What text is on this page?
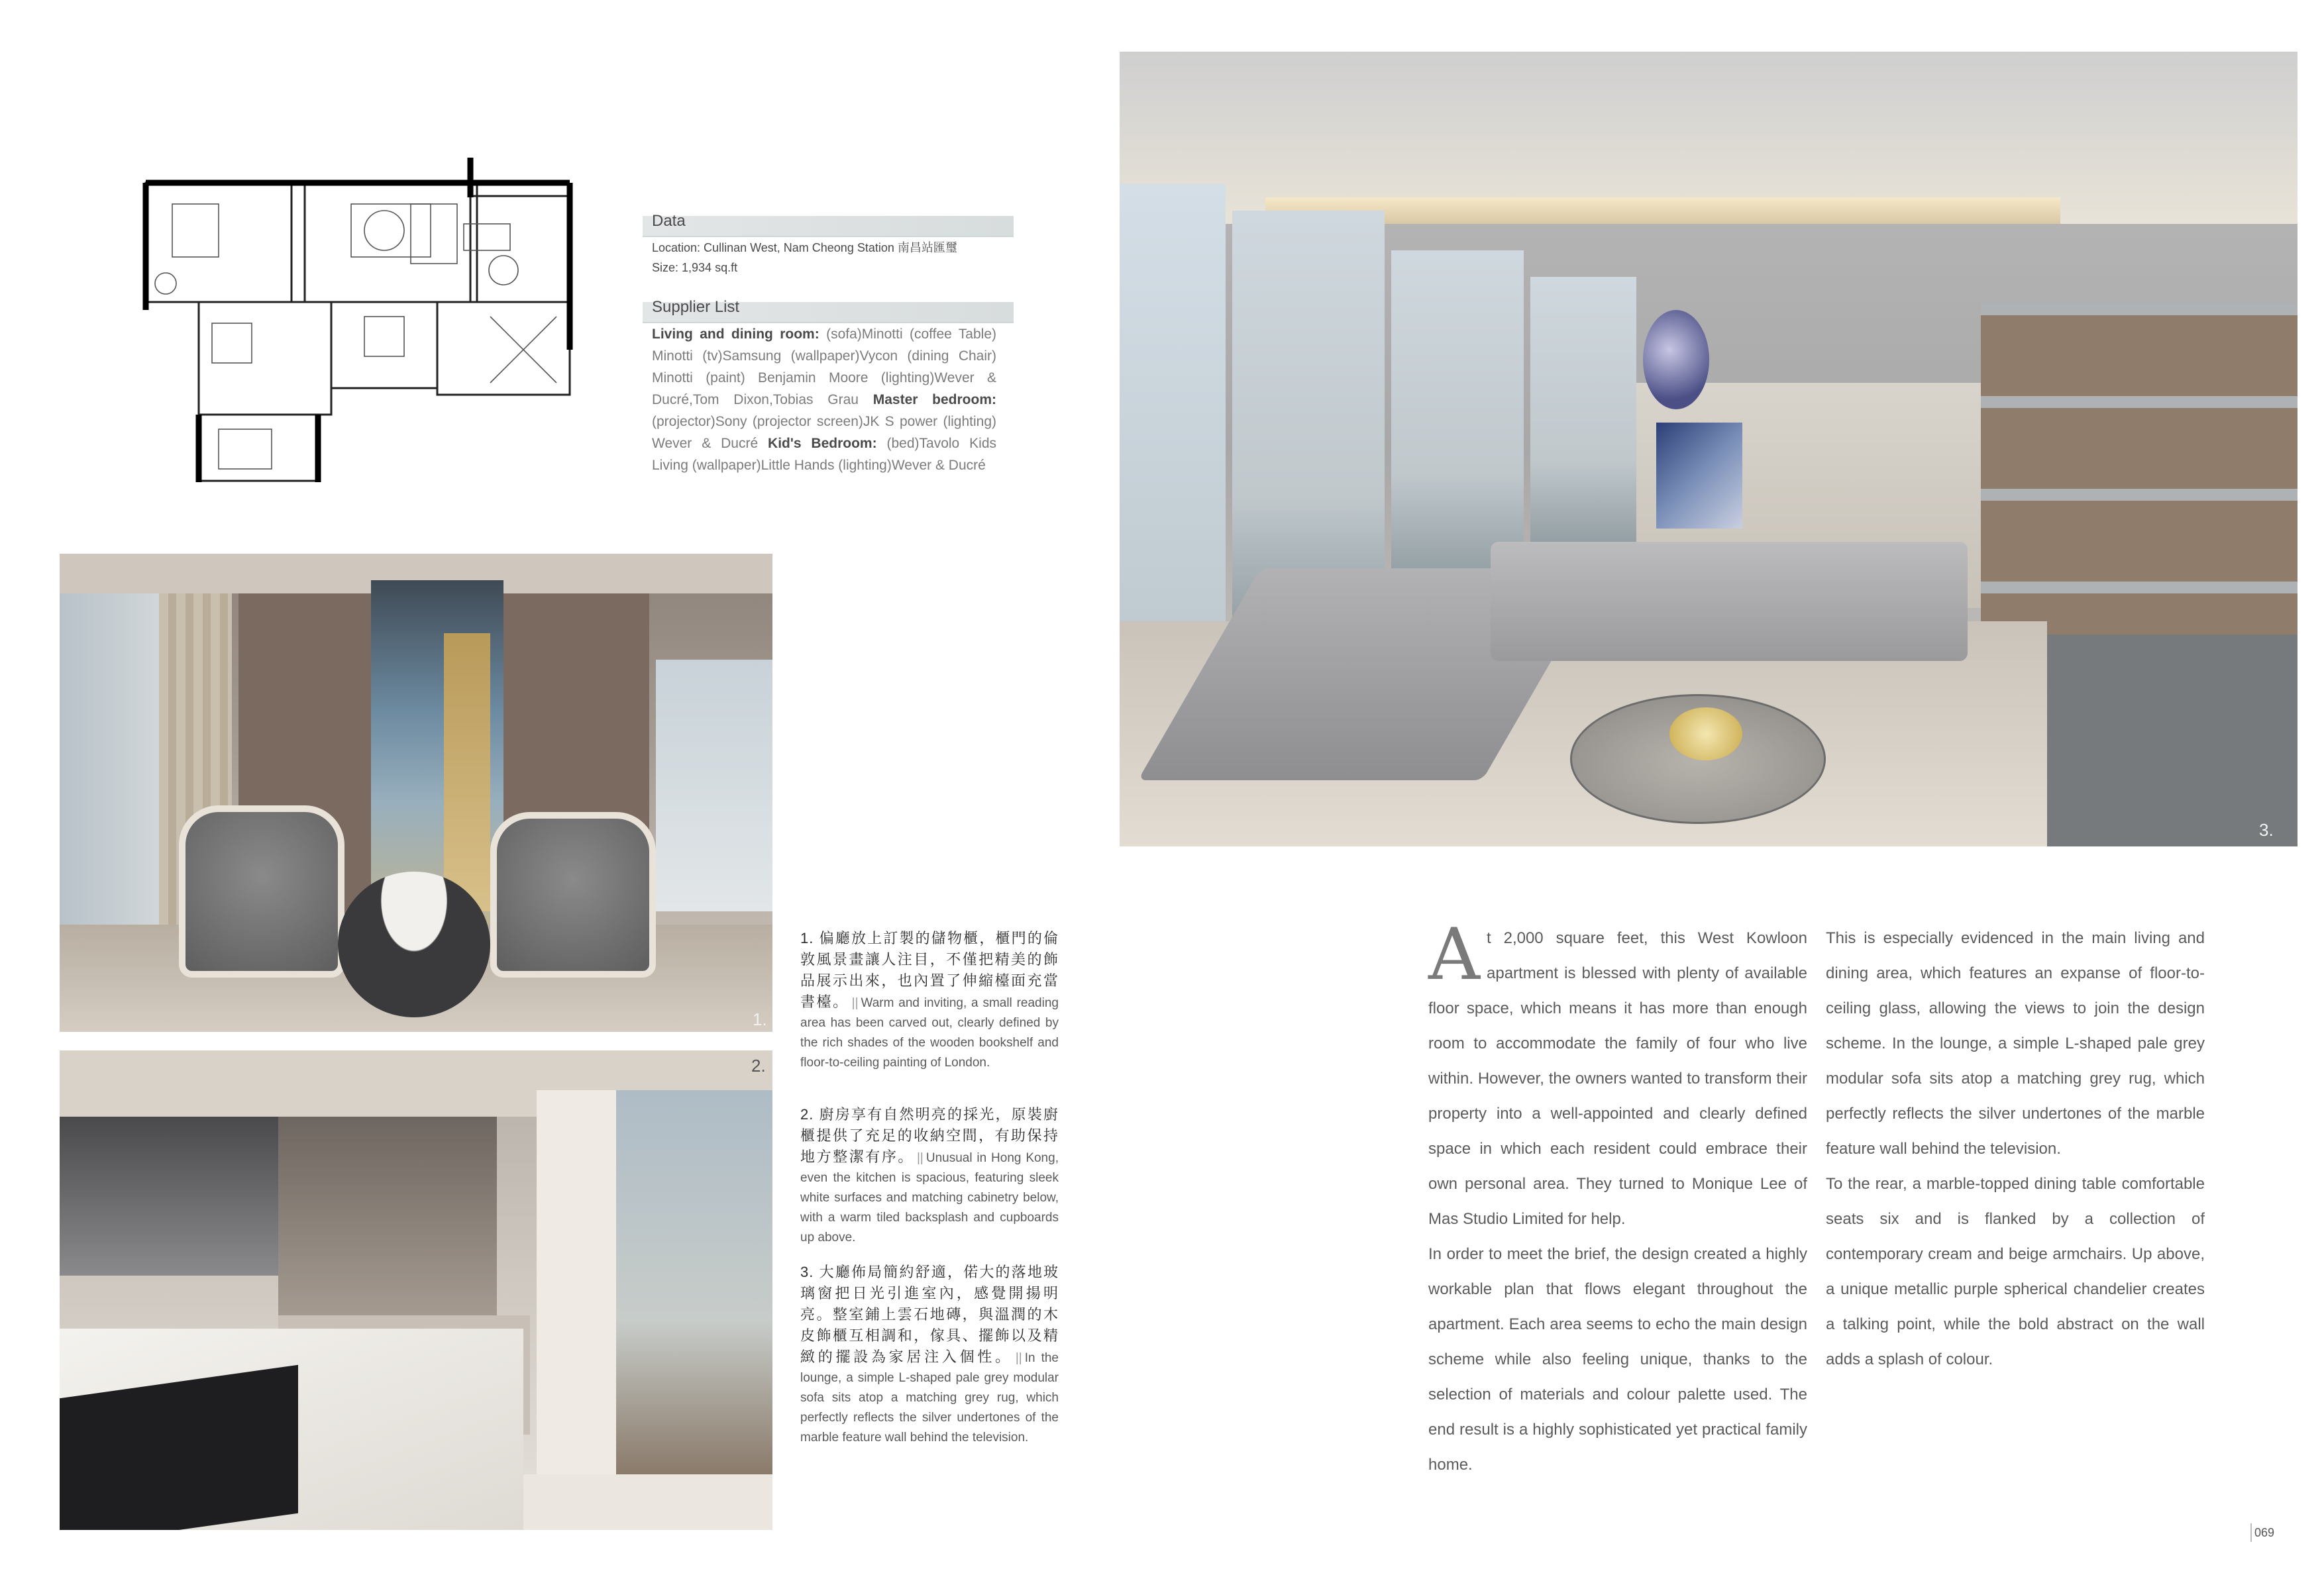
Data
Location: Cullinan West, Nam Cheong Station 南昌站匯璽
Size: 1,934 sq.ft
Supplier List
Living and dining room: (sofa)Minotti (coffee Table) Minotti (tv)Samsung (wallpaper)Vycon (dining Chair) Minotti (paint) Benjamin Moore (lighting)Wever & Ducré,Tom Dixon,Tobias Grau Master bedroom: (projector)Sony (projector screen)JK S power (lighting) Wever & Ducré Kid's Bedroom: (bed)Tavolo Kids Living (wallpaper)Little Hands (lighting)Wever & Ducré
1.
2.
3.
1. 偏廳放上訂製的儲物櫃，櫃門的倫敦風景畫讓人注目，不僅把精美的飾品展示出來，也內置了伸縮檯面充當書檯。 || Warm and inviting, a small reading area has been carved out, clearly defined by the rich shades of the wooden bookshelf and floor-to-ceiling painting of London.
2. 廚房享有自然明亮的採光，原裝廚櫃提供了充足的收納空間，有助保持地方整潔有序。 || Unusual in Hong Kong, even the kitchen is spacious, featuring sleek white surfaces and matching cabinetry below, with a warm tiled backsplash and cupboards up above.
3. 大廳佈局簡約舒適，偌大的落地玻璃窗把日光引進室內，感覺開揚明亮。整室鋪上雲石地磚，與溫潤的木皮飾櫃互相調和，傢具、擺飾以及精緻的擺設為家居注入個性。 || In the lounge, a simple L-shaped pale grey modular sofa sits atop a matching grey rug, which perfectly reflects the silver undertones of the marble feature wall behind the television.

At 2,000 square feet, this West Kowloon apartment is blessed with plenty of available floor space, which means it has more than enough room to accommodate the family of four who live within. However, the owners wanted to transform their property into a well-appointed and clearly defined space in which each resident could embrace their own personal area. They turned to Monique Lee of Mas Studio Limited for help.

In order to meet the brief, the design created a highly workable plan that flows elegant throughout the apartment. Each area seems to echo the main design scheme while also feeling unique, thanks to the selection of materials and colour palette used. The end result is a highly sophisticated yet practical family home.

This is especially evidenced in the main living and dining area, which features an expanse of floor-to-ceiling glass, allowing the views to join the design scheme. In the lounge, a simple L-shaped pale grey modular sofa sits atop a matching grey rug, which perfectly reflects the silver undertones of the marble feature wall behind the television.

To the rear, a marble-topped dining table comfortable seats six and is flanked by a collection of contemporary cream and beige armchairs. Up above, a unique metallic purple spherical chandelier creates a talking point, while the bold abstract on the wall adds a splash of colour.

069
